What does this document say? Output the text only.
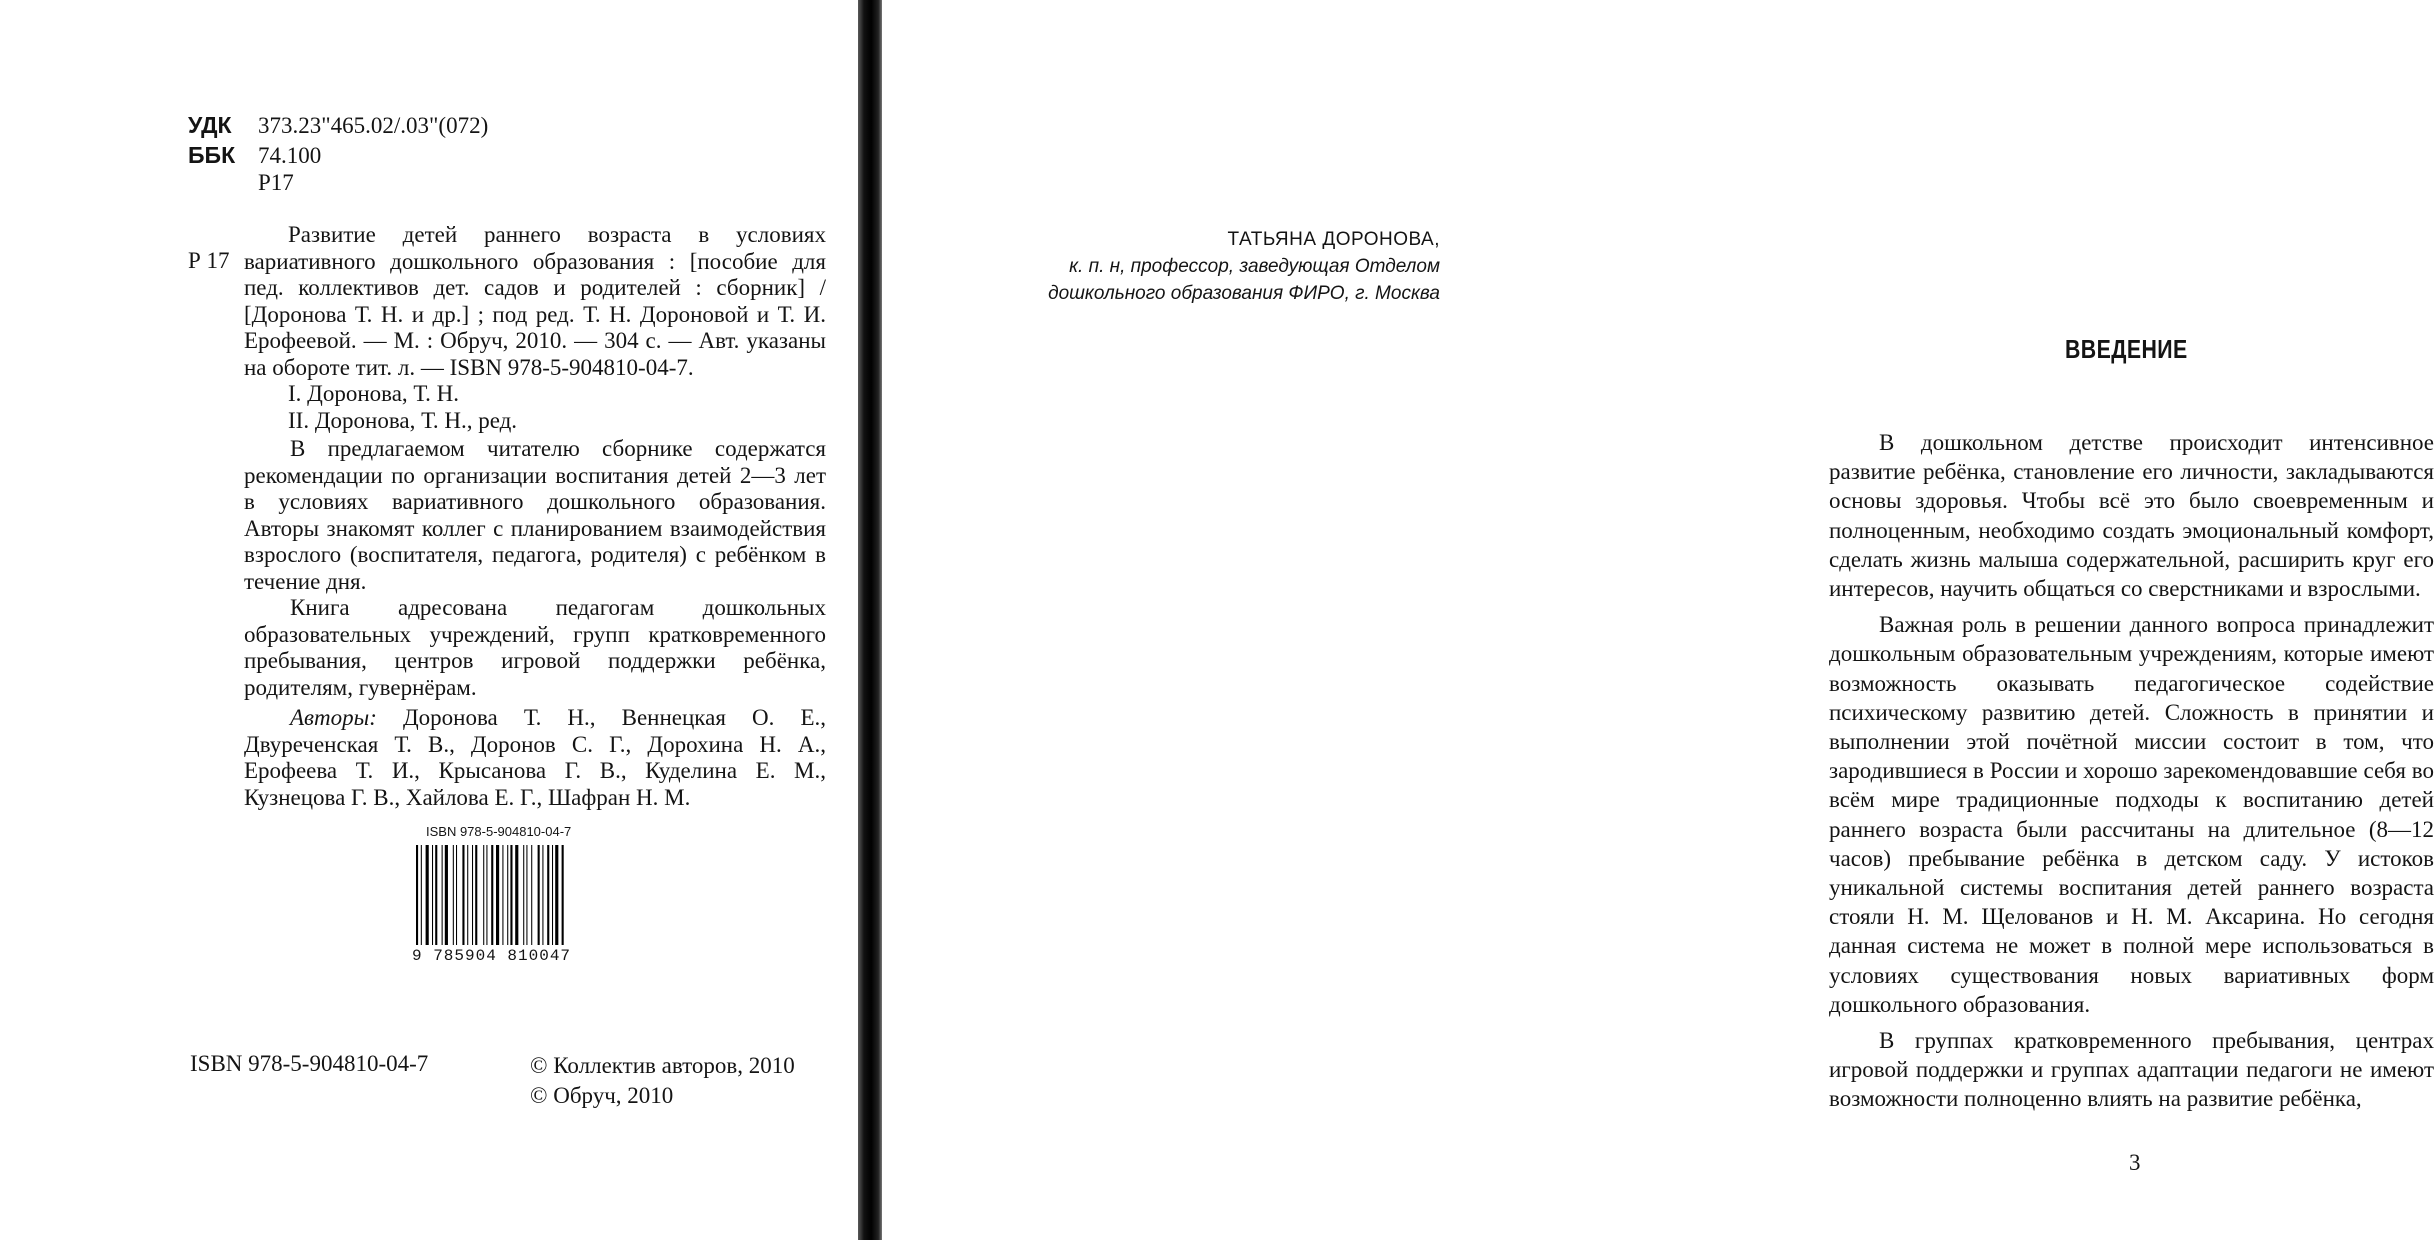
УДК 373.23"465.02/.03"(072)
ББК 74.100
Р17
Р 17

Развитие детей раннего возраста в условиях вариативного дошкольного образования : [пособие для пед. коллективов дет. садов и родителей : сборник] / [Доронова Т. Н. и др.] ; под ред. Т. Н. Дороновой и Т. И. Ерофеевой. — М. : Обруч, 2010. — 304 с. — Авт. указаны на обороте тит. л. — ISBN 978-5-904810-04-7.

I. Доронова, Т. Н.
II. Доронова, Т. Н., ред.

В предлагаемом читателю сборнике содержатся рекомендации по организации воспитания детей 2—3 лет в условиях вариативного дошкольного образования. Авторы знакомят коллег с планированием взаимодействия взрослого (воспитателя, педагога, родителя) с ребёнком в течение дня.

Книга адресована педагогам дошкольных образовательных учреждений, групп кратковременного пребывания, центров игровой поддержки ребёнка, родителям, гувернёрам.

Авторы: Доронова Т. Н., Веннецкая О. Е., Двуреченская Т. В., Доронов С. Г., Дорохина Н. А., Ерофеева Т. И., Крысанова Г. В., Куделина Е. М., Кузнецова Г. В., Хайлова Е. Г., Шафран Н. М.
ISBN 978-5-904810-04-7
9 785904 810047
ISBN 978-5-904810-04-7	© Коллектив авторов, 2010
© Обруч, 2010
ТАТЬЯНА ДОРОНОВА,
к. п. н, профессор, заведующая Отделом
дошкольного образования ФИРО, г. Москва
ВВЕДЕНИЕ

В дошкольном детстве происходит интенсивное развитие ребёнка, становление его личности, закладываются основы здоровья. Чтобы всё это было своевременным и полноценным, необходимо создать эмоциональный комфорт, сделать жизнь малыша содержательной, расширить круг его интересов, научить общаться со сверстниками и взрослыми.

Важная роль в решении данного вопроса принадлежит дошкольным образовательным учреждениям, которые имеют возможность оказывать педагогическое содействие психическому развитию детей. Сложность в принятии и выполнении этой почётной миссии состоит в том, что зародившиеся в России и хорошо зарекомендовавшие себя во всём мире традиционные подходы к воспитанию детей раннего возраста были рассчитаны на длительное (8—12 часов) пребывание ребёнка в детском саду. У истоков уникальной системы воспитания детей раннего возраста стояли Н. М. Щелованов и Н. М. Аксарина. Но сегодня данная система не может в полной мере использоваться в условиях существования новых вариативных форм дошкольного образования.

В группах кратковременного пребывания, центрах игровой поддержки и группах адаптации педагоги не имеют возможности полноценно влиять на развитие ребёнка,

3
